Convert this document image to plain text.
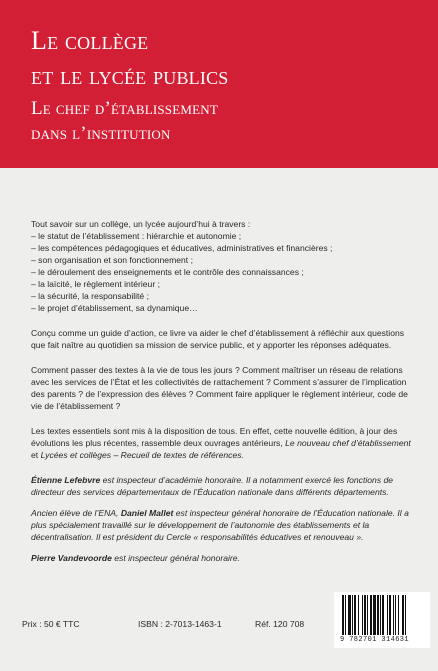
Le collège
et le lycée publics
Le chef d’établissement
dans l’institution

Tout savoir sur un collège, un lycée aujourd’hui à travers :

– le statut de l’établissement : hiérarchie et autonomie ;

– les compétences pédagogiques et éducatives, administratives et financières ;

– son organisation et son fonctionnement ;

– le déroulement des enseignements et le contrôle des connaissances ;

– la laïcité, le règlement intérieur ;

– la sécurité, la responsabilité ;

– le projet d’établissement, sa dynamique…

Conçu comme un guide d’action, ce livre va aider le chef d’établissement à réfléchir aux questions que fait naître au quotidien sa mission de service public, et y apporter les réponses adéquates.

Comment passer des textes à la vie de tous les jours ? Comment maîtriser un réseau de relations avec les services de l’État et les collectivités de rattachement ? Comment s’assurer de l’implication des parents ? de l’expression des élèves ? Comment faire appliquer le règlement intérieur, code de vie de l’établissement ?

Les textes essentiels sont mis à la disposition de tous. En effet, cette nouvelle édition, à jour des évolutions les plus récentes, rassemble deux ouvrages antérieurs, Le nouveau chef d’établissement et Lycées et collèges – Recueil de textes de références.

Étienne Lefebvre est inspecteur d’académie honoraire. Il a notamment exercé les fonctions de directeur des services départementaux de l’Éducation nationale dans différents départements.

Ancien élève de l’ENA, Daniel Mallet est inspecteur général honoraire de l’Éducation nationale. Il a plus spécialement travaillé sur le développement de l’autonomie des établissements et la décentralisation. Il est président du Cercle « responsabilités éducatives et renouveau ».

Pierre Vandevoorde est inspecteur général honoraire.

Prix : 50 € TTC	ISBN : 2-7013-1463-1	Réf. 120 708
9 782701 314631
